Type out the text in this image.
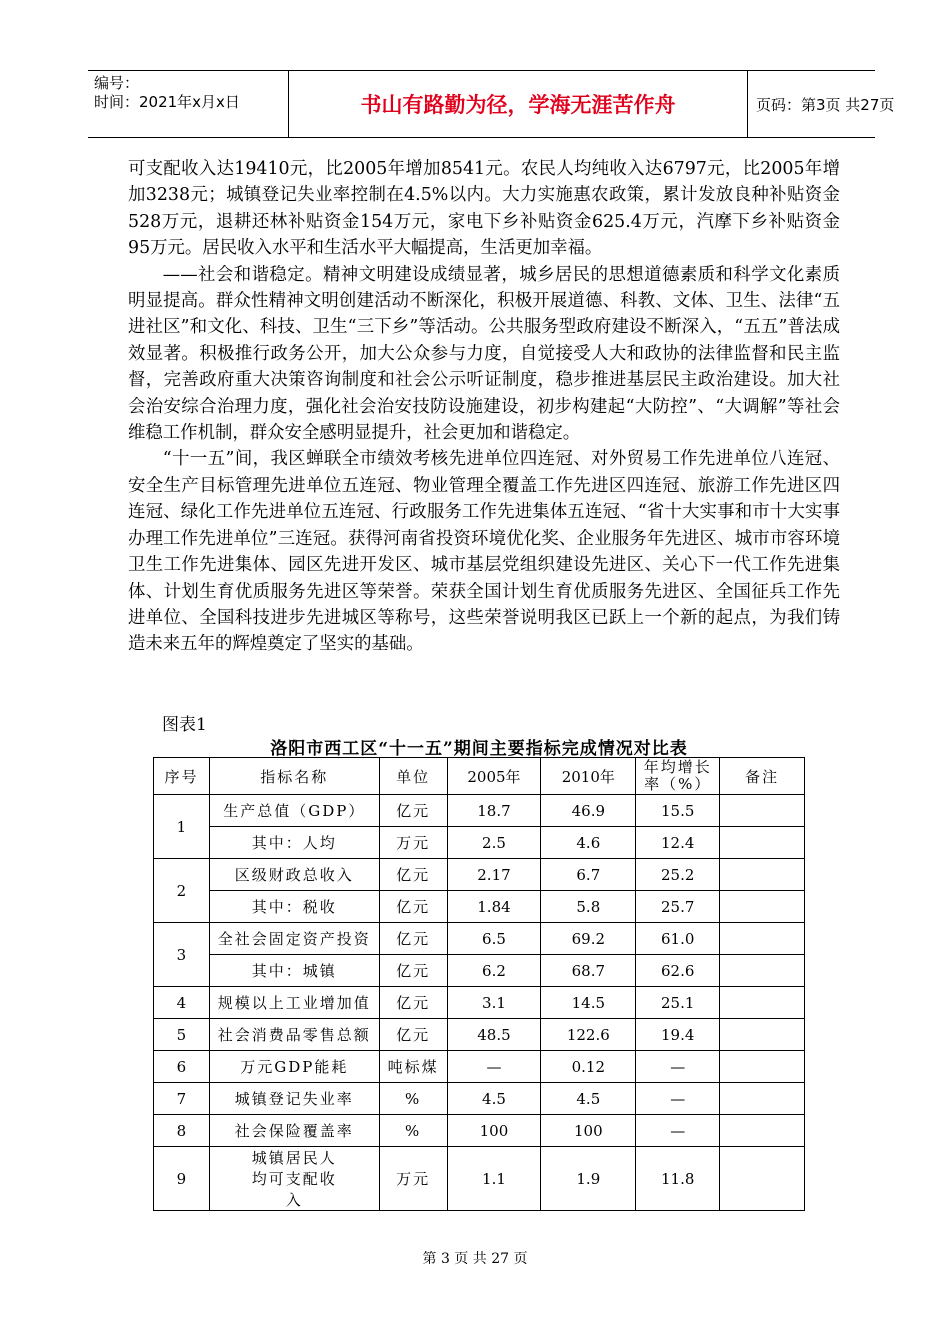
编号：
时间：2021年x月x日	书山有路勤为径，学海无涯苦作舟	页码：第3页 共27页

可支配收入达19410元，比2005年增加8541元。农民人均纯收入达6797元，比2005年增加3238元；城镇登记失业率控制在4.5%以内。大力实施惠农政策，累计发放良种补贴资金528万元，退耕还林补贴资金154万元，家电下乡补贴资金625.4万元，汽摩下乡补贴资金95万元。居民收入水平和生活水平大幅提高，生活更加幸福。

——社会和谐稳定。精神文明建设成绩显著，城乡居民的思想道德素质和科学文化素质明显提高。群众性精神文明创建活动不断深化，积极开展道德、科教、文体、卫生、法律“五进社区”和文化、科技、卫生“三下乡”等活动。公共服务型政府建设不断深入，“五五”普法成效显著。积极推行政务公开，加大公众参与力度，自觉接受人大和政协的法律监督和民主监督，完善政府重大决策咨询制度和社会公示听证制度，稳步推进基层民主政治建设。加大社会治安综合治理力度，强化社会治安技防设施建设，初步构建起“大防控”、“大调解”等社会维稳工作机制，群众安全感明显提升，社会更加和谐稳定。

“十一五”间，我区蝉联全市绩效考核先进单位四连冠、对外贸易工作先进单位八连冠、安全生产目标管理先进单位五连冠、物业管理全覆盖工作先进区四连冠、旅游工作先进区四连冠、绿化工作先进单位五连冠、行政服务工作先进集体五连冠、“省十大实事和市十大实事办理工作先进单位”三连冠。获得河南省投资环境优化奖、企业服务年先进区、城市市容环境卫生工作先进集体、园区先进开发区、城市基层党组织建设先进区、关心下一代工作先进集体、计划生育优质服务先进区等荣誉。荣获全国计划生育优质服务先进区、全国征兵工作先进单位、全国科技进步先进城区等称号，这些荣誉说明我区已跃上一个新的起点，为我们铸造未来五年的辉煌奠定了坚实的基础。

图表1
洛阳市西工区“十一五”期间主要指标完成情况对比表
序号	指标名称	单位	2005年	2010年	年均增长率（%）	备注
1	生产总值（GDP）	亿元	18.7	46.9	15.5	
	其中：人均	万元	2.5	4.6	12.4	
2	区级财政总收入	亿元	2.17	6.7	25.2	
	其中：税收	亿元	1.84	5.8	25.7	
3	全社会固定资产投资	亿元	6.5	69.2	61.0	
	其中：城镇	亿元	6.2	68.7	62.6	
4	规模以上工业增加值	亿元	3.1	14.5	25.1	
5	社会消费品零售总额	亿元	48.5	122.6	19.4	
6	万元GDP能耗	吨标煤	—	0.12	—	
7	城镇登记失业率	%	4.5	4.5	—	
8	社会保险覆盖率	%	100	100	—	
9	城镇居民人均可支配收入	万元	1.1	1.9	11.8	
第 3 页 共 27 页
